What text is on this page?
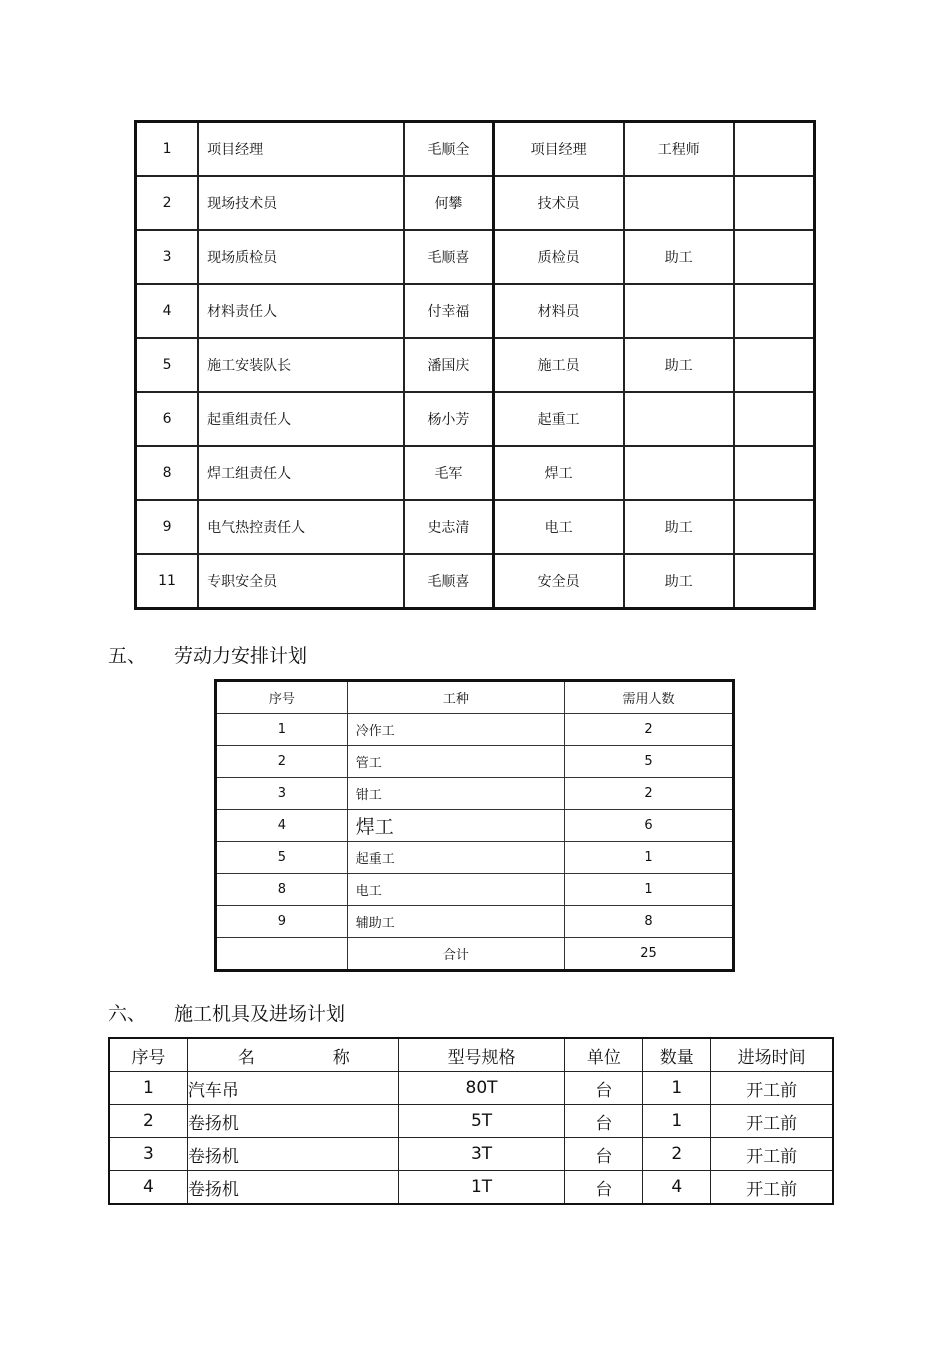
1	项目经理	毛顺全	项目经理	工程师	
2	现场技术员	何攀	技术员		
3	现场质检员	毛顺喜	质检员	助工	
4	材料责任人	付幸福	材料员		
5	施工安装队长	潘国庆	施工员	助工	
6	起重组责任人	杨小芳	起重工		
8	焊工组责任人	毛军	焊工		
9	电气热控责任人	史志清	电工	助工	
11	专职安全员	毛顺喜	安全员	助工	
五、 劳动力安排计划
序号	工种	需用人数
1	冷作工	2
2	管工	5
3	钳工	2
4	焊工	6
5	起重工	1
8	电工	1
9	辅助工	8
	合计	25
六、 施工机具及进场计划
序号	名 称	型号规格	单位	数量	进场时间
1	汽车吊	80T	台	1	开工前
2	卷扬机	5T	台	1	开工前
3	卷扬机	3T	台	2	开工前
4	卷扬机	1T	台	4	开工前
